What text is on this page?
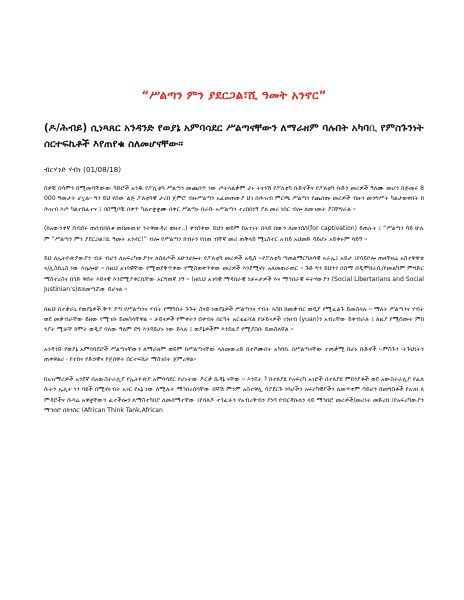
“ሥልጣን ምን ያደርጋል፣ሺ ዓመት አንኖር”
(ዶ/ሕብይ) ሲነጻጸር አንዳንድ የወያኔ አምባሳደር ሥልጣናቸውን ለማራዘም ባሉበት አካባቢ የምስጉንነት ሰርተፍኬቶች እየጠየቁ ስለመሆናቸው።
ብርሃንድ ሃብነ (01/08/18)

ሰዎቹ በሳምን ከሚመሻቸውው ካድሮች አንዱ የፖሊቲካ ሥልጣን መጨበጥ ነው ጦትላልቃም ሆኑ ትናንሽ የፖለቲካ ቡድኖችና የፖለቲካ ቡድን መሪዎች ዓለሙ መሆን ከጅመሩ 8000 ዓመታት ሆኗል። ግን ይህ የሰው ልጅ ፖለቲካዊ ታሪክ ጀምሮ ብዙሥልጣን አፈመጠውያ ህገ በሕዝብ ምርጫ ሥልጣን የጨበጡ መሪዎች ብዙን መንግሥት ካልታወቀበት ከሕዝብ እጦ ካልተከፈተና ፤ በሰሚቦቹ በቀጥ ካልተቋቋሙ በቀር ሥልጣኑ በራሱ ኣሥልጣን ተረክበነኝ ያለ መሪ ነበር ብሎ ለመገመት ያስቸግራል ።

(ከአውንቀኛ ሰብሰሩ ጠበብበበቱ ጠከመጠሇ ንትዋውዳሪ ወዘተ..) ቀንሰቀው ይህን ወይም ከአንገት በላይ በውን ለመንሰስ(for captivation) ይጠሉት ፤ “ሥልጣን ሳይ ሁሉም “ሥልጣን ምን ያደርጋል፣ሺ ዓመት አንኖር!” ብሎ የሥልጣን ክብሩን የበጠ ብቸኛ መሪ ጠቅላይ ሚኒስተር አብይ አህመድ ሳይሆኑ አይቀሩም ባይኝ ፡፡

ይህ ለኢትዮጵያውያን ብቻ ብሆን ለአፍሪካውያንና ለሰለጦች አሁንሆሎት የፖለቲካ መሪዎች አዲስ ፡-የፖለቲካ ጣጠልማርካለሳዊ ኣራኢ፤ አይታ ፤የሳይኮሎ ጠዛቸዛሬ አስተዋዋቂና/ሊስኪኒስ ነው እሌሎሁ ፡፡ በዚህ አገባዊቸው የሚወደቅጥቀው የሚስወቀጥቀው መሪዎች እንደሚኖሩ አለመጠራጠር ፡፡ ጉድ ግን ይህንን በሰማ በዲሞክራሲ/የመልካም ምግድር ማስተረስና በጎድ ዋሰት እይናዊ እንደሚያቀርቢቸው አርግጠኛ ነኝ ፡፡ (ዘቢህ አገባዊ ማዳበራዊ ነቻኣታዎች እና ማኅበራዊ ፍትሃውያን (Social Libertarians and Social Justinian’s)ይሸመጣሯው ይሆናል ።

በዚህ በተቃራኒ የወያኔዎች ቅጥ ያጣ የሥልጣንና ሃብት የማካበት ጉጉት ስናይ ነወያኔዎች ሥልጣንና ሃብት እስከ ከመቃብር ወዲያ የሚፈልጉ ይመስላሉ ። ማለት ሥልጣንና ሃብት ወደ መቃብራቸው ይዘው የሚገቡ ይመስላቸዋል ። ቻይናዎች የሞቀትን ሰቀብሩ በርካት አርቴፊሻል የቻይናዎች ገንዘብ (yuan)ን አብረቸው ይቀብራሉ ፤ ለዚያ የሚሰጡት ምክንያት ሚቻቸ ከሞት ወዲያ ባለው ዓለም ደግ እንዳይሆኑ ነው ይላሉ ፤ ወያኔዎችም እንደዚያ የሚያስቡ ይመስለኛል ።

አንዳንድ የወያኔ አምባሳደሮች ሥልጣናቸውን ለማራዘም ወይም ከሥልጣናቸው ላለመውረድ በተሾሙበት አካባቢ በሥልጣናቸው ተጠቃሚ ከሆኑ ቡድኖች ፡-ምስጉን ፡ትጉህነትን ጠቀዋልሪ ፡ የተከና የድኃዊና የጀበዋት ሰርተፍኬት ማስገበት ጀምረዋል፡፡

ከአዝማሪዎች አንደኛ በአውስትራሊያ የኢትዮጵያ አምባሳደር የሆኑትው ዶርቃ ኪዳኔ ናቸው ፡፡ እንዴት ? ከተለያዩ የአፍሪካ አገሮች በተለያዩ ምክንያቶች ወደ አውስትራሊያ የፈለሱትን ኢሊት ነን ባዩች በሚኖሩብት አገር የአኔ ነው ለሚሉት ማኅበረሰባቸው ሸኛሽ ምንም አስተዋሏ ሳያደርጉ ነባሆችን አፍሪካዊያችን ለመጥቀም ሳይሆን ከመግስቶች የአገዘ ለምዳሮችና ሱባሬ አዋቋቸውን ፈተችሎን ለማስተካከያ ለመሸማተቸው ፤የሻለዶ ተጎፈቻን የአብረቅብን ያነሳ የብርዳቡለን ላይ ማኅበሮ መሪዎች/መሪነት መድረክ ፤የአፍሪካውያን ማኅበሮ በክንስር (African Think Tank,African
